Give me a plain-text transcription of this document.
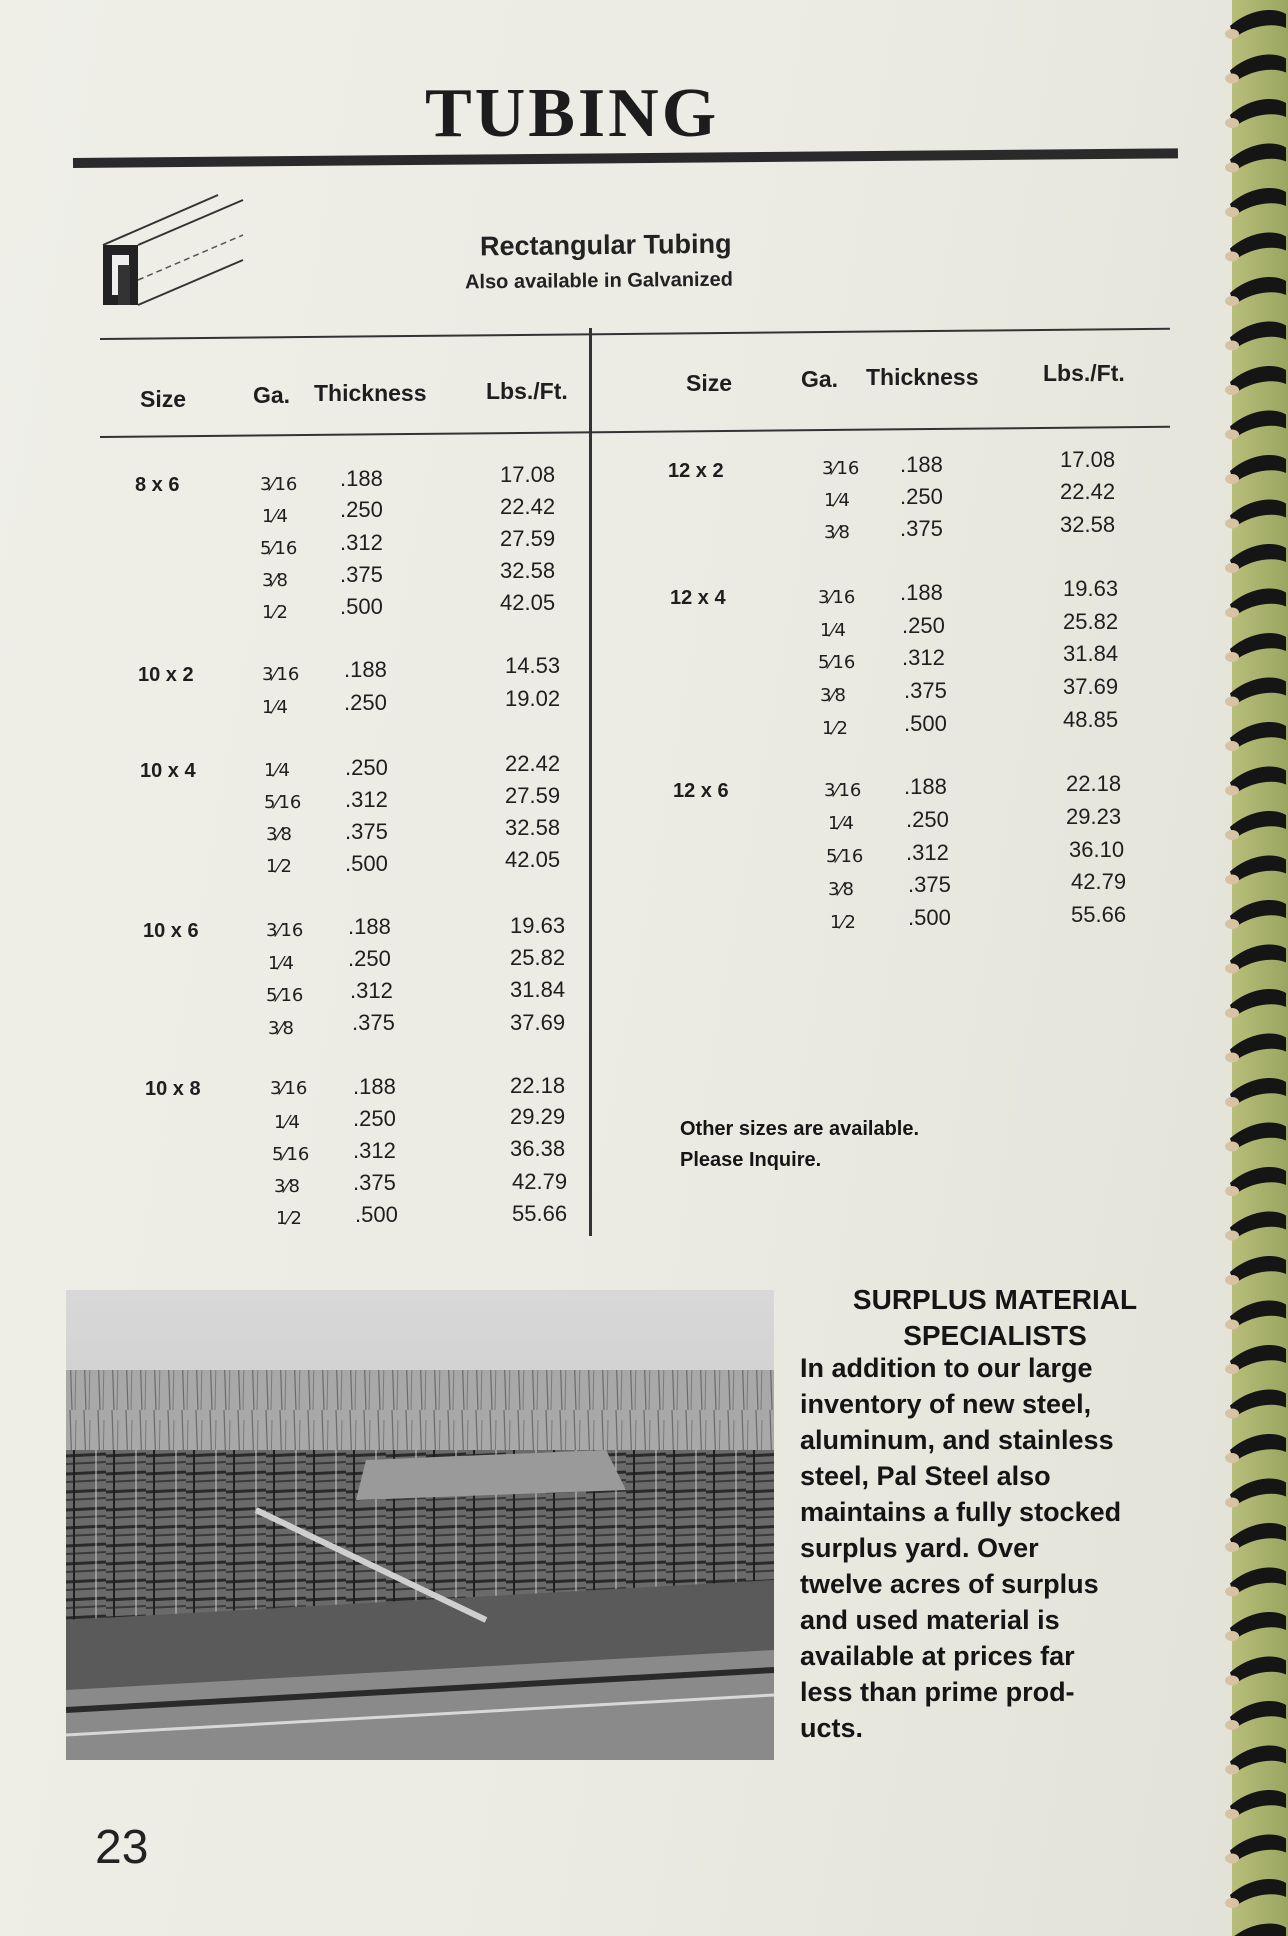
TUBING
Rectangular Tubing
Also available in Galvanized
Size	Ga. Thickness	Lbs./Ft.	Size	Ga. Thickness	Lbs./Ft.
8 x 6	3⁄16 .188	17.08
1⁄4 .250	22.42
5⁄16 .312	27.59
3⁄8 .375	32.58
1⁄2 .500	42.05
10 x 2	3⁄16 .188	14.53
1⁄4	.250	19.02
10 x 4	1⁄4	.250	22.42
5⁄16 .312	27.59
3⁄8 .375	32.58
1⁄2 .500	42.05
10 x 6	3⁄16 .188	19.63
1⁄4 .250	25.82
5⁄16 .312	31.84
3⁄8	.375	37.69
10 x 8	3⁄16 .188	22.18
1⁄4 .250	29.29
5⁄16 .312	36.38
3⁄8 .375	42.79
1⁄2 .500	55.66
12 x 2	3⁄16 .188	17.08
1⁄4 .250	22.42
3⁄8 .375	32.58
12 x 4	3⁄16 .188	19.63
1⁄4	.250	25.82
5⁄16 .312	31.84
3⁄8	.375	37.69
1⁄2	.500	48.85
12 x 6	3⁄16 .188	22.18
1⁄4 .250	29.23
5⁄16 .312	36.10
3⁄8 .375	42.79
1⁄2 .500	55.66
Other sizes are available.
Please Inquire.
SURPLUS MATERIAL
SPECIALISTS
In addition to our large
inventory of new steel,
aluminum, and stainless
steel, Pal Steel also
maintains a fully stocked
surplus yard. Over
twelve acres of surplus
and used material is
available at prices far
less than prime prod-
ucts.
23
